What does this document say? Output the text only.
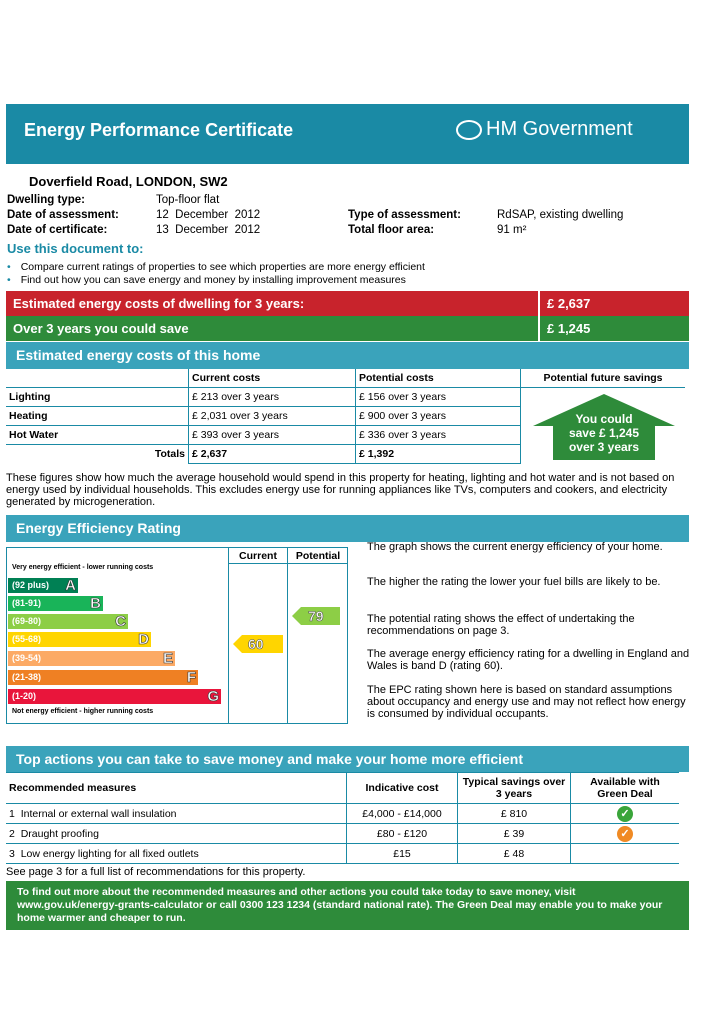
Energy Performance Certificate	HM Government
Doverfield Road, LONDON, SW2
Dwelling type:	Top-floor flat
Date of assessment:	12  December  2012
Date of certificate:	13  December  2012
Type of assessment:	RdSAP, existing dwelling
Total floor area:	91 m²
Use this document to:
• Compare current ratings of properties to see which properties are more energy efficient
• Find out how you can save energy and money by installing improvement measures
Estimated energy costs of dwelling for 3 years:	£ 2,637
Over 3 years you could save	£ 1,245
Estimated energy costs of this home
	Current costs	Potential costs	Potential future savings
Lighting	£ 213 over 3 years	£ 156 over 3 years	You could
save £ 1,245
over 3 years

Heating	£ 2,031 over 3 years	£ 900 over 3 years	
Hot Water	£ 393 over 3 years	£ 336 over 3 years	
Totals	£ 2,637	£ 1,392	
These figures show how much the average household would spend in this property for heating, lighting and hot water and is not based on energy used by individual households. This excludes energy use for running appliances like TVs, computers and cookers, and electricity generated by microgeneration.
Energy Efficiency Rating
Current	Potential
Very energy efficient - lower running costs
Not energy efficient - higher running costs
(92 plus) A
(81-91)	B
(69-80)	C
(55-68)	D
(39-54)	E
(21-38)	F
(1-20)	G
60
79
The graph shows the current energy efficiency of your home.
The higher the rating the lower your fuel bills are likely to be.
The potential rating shows the effect of undertaking the recommendations on page 3.
The average energy efficiency rating for a dwelling in England and Wales is band D (rating 60).
The EPC rating shown here is based on standard assumptions about occupancy and energy use and may not reflect how energy is consumed by individual occupants.
Top actions you can take to save money and make your home more efficient
Recommended measures	Indicative cost	Typical savings over 3 years	Available with Green Deal
1 Internal or external wall insulation	£4,000 - £14,000	£ 810	✓
2 Draught proofing	£80 - £120	£ 39	✓
3 Low energy lighting for all fixed outlets	£15	£ 48	
See page 3 for a full list of recommendations for this property.
To find out more about the recommended measures and other actions you could take today to save money, visit www.gov.uk/energy-grants-calculator or call 0300 123 1234 (standard national rate). The Green Deal may enable you to make your home warmer and cheaper to run.
